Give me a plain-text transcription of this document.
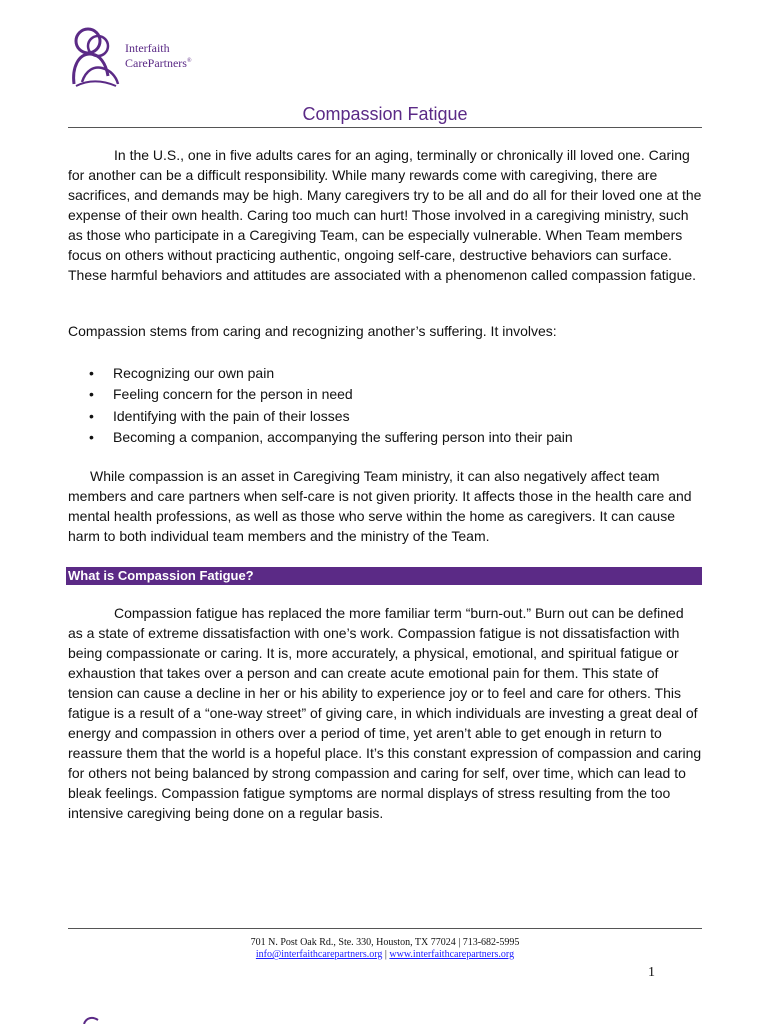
Interfaith
CarePartners®
Compassion Fatigue

In the U.S., one in five adults cares for an aging, terminally or chronically ill loved one. Caring for another can be a difficult responsibility. While many rewards come with caregiving, there are sacrifices, and demands may be high. Many caregivers try to be all and do all for their loved one at the expense of their own health. Caring too much can hurt! Those involved in a caregiving ministry, such as those who participate in a Caregiving Team, can be especially vulnerable. When Team members focus on others without practicing authentic, ongoing self-care, destructive behaviors can surface. These harmful behaviors and attitudes are associated with a phenomenon called compassion fatigue.

Compassion stems from caring and recognizing another’s suffering. It involves:

• Recognizing our own pain
• Feeling concern for the person in need
• Identifying with the pain of their losses
• Becoming a companion, accompanying the suffering person into their pain

While compassion is an asset in Caregiving Team ministry, it can also negatively affect team members and care partners when self-care is not given priority. It affects those in the health care and mental health professions, as well as those who serve within the home as caregivers. It can cause harm to both individual team members and the ministry of the Team.

What is Compassion Fatigue?

Compassion fatigue has replaced the more familiar term “burn-out.” Burn out can be defined as a state of extreme dissatisfaction with one’s work. Compassion fatigue is not dissatisfaction with being compassionate or caring. It is, more accurately, a physical, emotional, and spiritual fatigue or exhaustion that takes over a person and can create acute emotional pain for them. This state of tension can cause a decline in her or his ability to experience joy or to feel and care for others. This fatigue is a result of a “one-way street” of giving care, in which individuals are investing a great deal of energy and compassion in others over a period of time, yet aren’t able to get enough in return to reassure them that the world is a hopeful place. It’s this constant expression of compassion and caring for others not being balanced by strong compassion and caring for self, over time, which can lead to bleak feelings. Compassion fatigue symptoms are normal displays of stress resulting from the too intensive caregiving being done on a regular basis.

701 N. Post Oak Rd., Ste. 330, Houston, TX 77024 | 713-682-5995
info@interfaithcarepartners.org | www.interfaithcarepartners.org
1
